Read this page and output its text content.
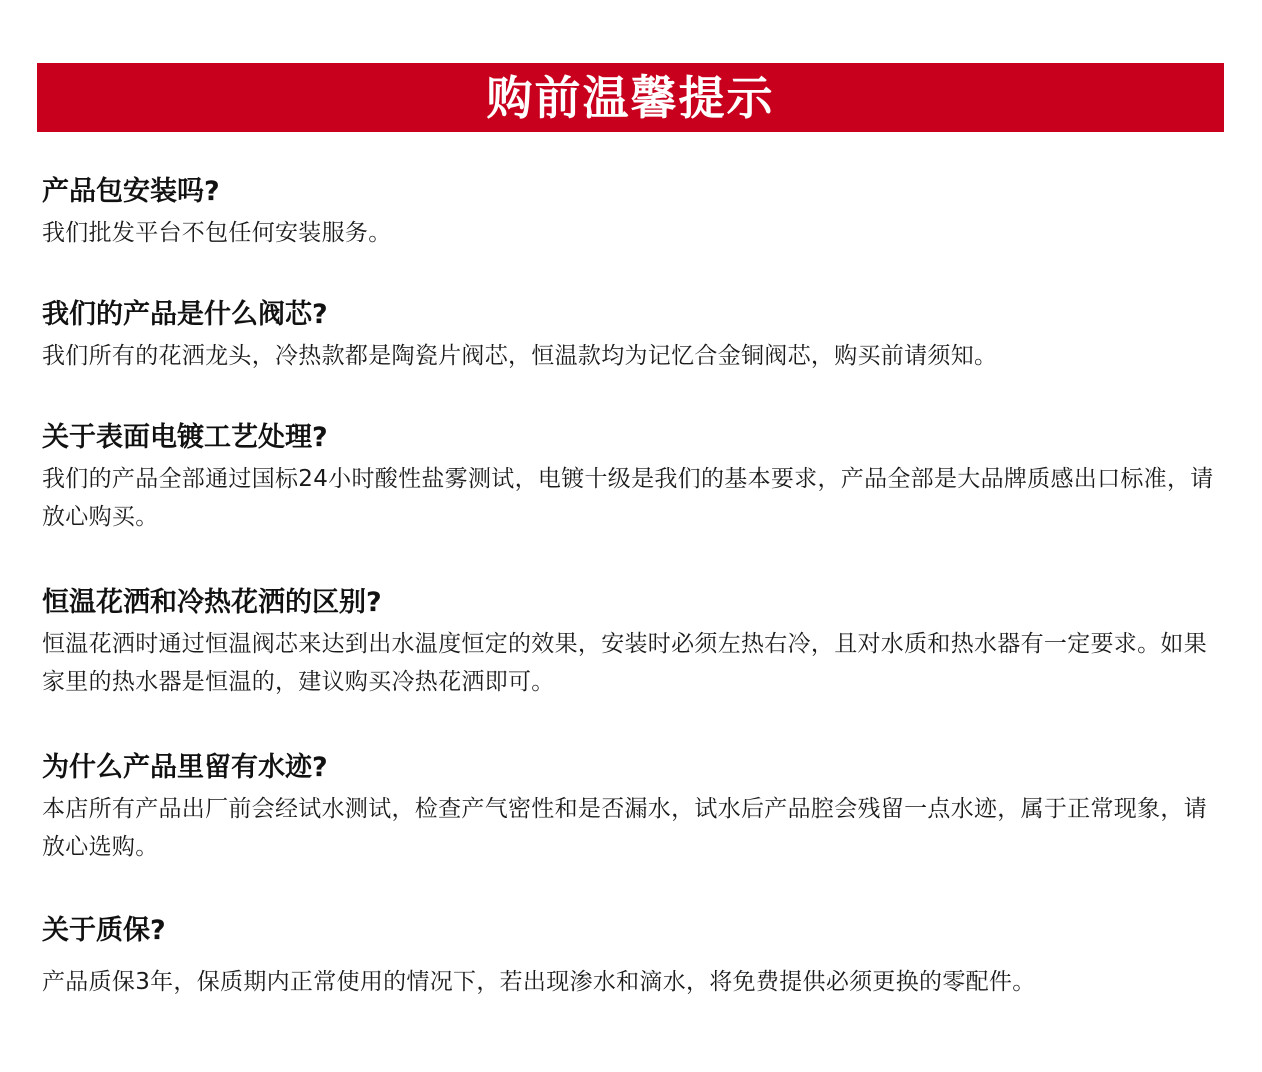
购前温馨提示

产品包安装吗?

我们批发平台不包任何安装服务。

我们的产品是什么阀芯?

我们所有的花洒龙头，冷热款都是陶瓷片阀芯，恒温款均为记忆合金铜阀芯，购买前请须知。

关于表面电镀工艺处理?

我们的产品全部通过国标24小时酸性盐雾测试，电镀十级是我们的基本要求，产品全部是大品牌质感出口标准，请放心购买。

恒温花洒和冷热花洒的区别?

恒温花洒时通过恒温阀芯来达到出水温度恒定的效果，安装时必须左热右冷，且对水质和热水器有一定要求。如果家里的热水器是恒温的，建议购买冷热花洒即可。

为什么产品里留有水迹?

本店所有产品出厂前会经试水测试，检查产气密性和是否漏水，试水后产品腔会残留一点水迹，属于正常现象，请放心选购。

关于质保?

产品质保3年，保质期内正常使用的情况下，若出现渗水和滴水，将免费提供必须更换的零配件。
